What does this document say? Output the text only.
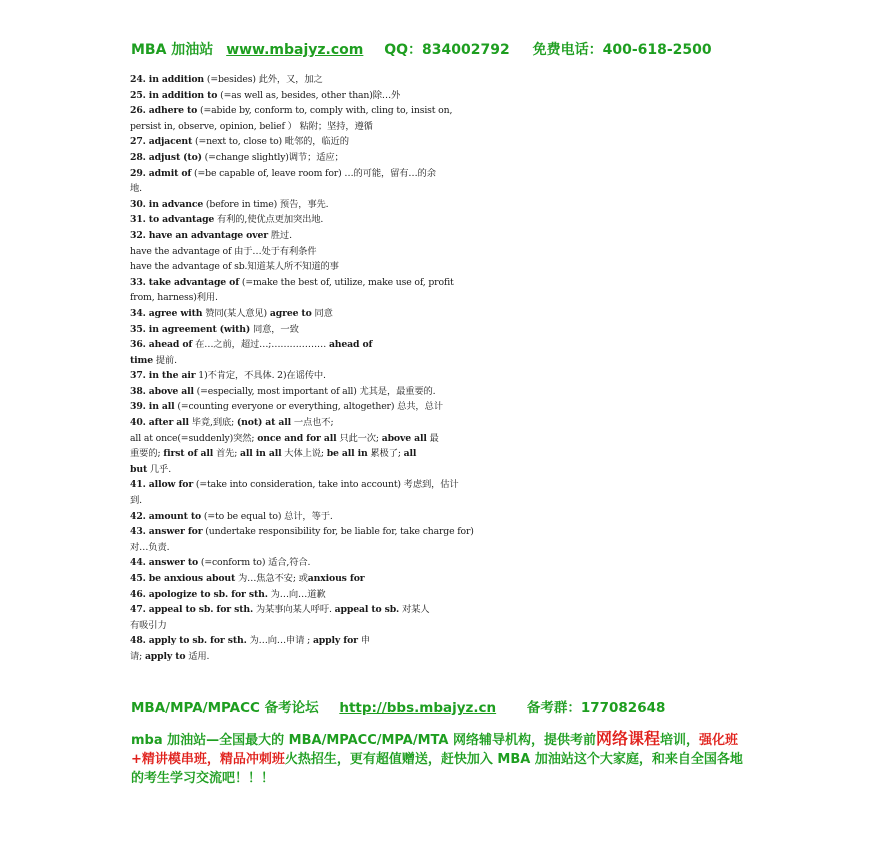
MBA 加油站 www.mbajyz.com QQ：834002792 免费电话：400-618-2500
24. in addition (=besides) 此外，又，加之
25. in addition to (=as well as, besides, other than)除…外
26. adhere to (=abide by, conform to, comply with, cling to, insist on,
persist in, observe, opinion, belief ） 粘附；坚持，遵循
27. adjacent (=next to, close to) 毗邻的，临近的
28. adjust (to) (=change slightly)调节；适应；
29. admit of (=be capable of, leave room for) …的可能，留有…的余
地.
30. in advance (before in time) 预告，事先.
31. to advantage 有利的,使优点更加突出地.
32. have an advantage over 胜过.
have the advantage of 由于…处于有利条件
have the advantage of sb.知道某人所不知道的事
33. take advantage of (=make the best of, utilize, make use of, profit
from, harness)利用.
34. agree with 赞同(某人意见) agree to 同意
35. in agreement (with) 同意，一致
36. ahead of 在…之前，超过…;……………… ahead of
time 提前.
37. in the air 1)不肯定，不具体. 2)在谣传中.
38. above all (=especially, most important of all) 尤其是，最重要的.
39. in all (=counting everyone or everything, altogether) 总共，总计
40. after all 毕竟,到底; (not) at all 一点也不;
all at once(=suddenly)突然; once and for all 只此一次; above all 最
重要的; first of all 首先; all in all 大体上说; be all in 累极了; all
but 几乎.
41. allow for (=take into consideration, take into account) 考虑到，估计
到.
42. amount to (=to be equal to) 总计，等于.
43. answer for (undertake responsibility for, be liable for, take charge for)
对…负责.
44. answer to (=conform to) 适合,符合.
45. be anxious about 为…焦急不安; 或anxious for
46. apologize to sb. for sth. 为…向…道歉
47. appeal to sb. for sth. 为某事向某人呼吁. appeal to sb. 对某人
有吸引力
48. apply to sb. for sth. 为…向…申请 ; apply for 申
请; apply to 适用.
MBA/MPA/MPACC 备考论坛 http://bbs.mbajyz.cn 备考群：177082648
mba 加油站—全国最大的 MBA/MPACC/MPA/MTA 网络辅导机构，提供考前网络课程培训，强化班+精讲模串班，精品冲刺班火热招生，更有超值赠送，赶快加入 MBA 加油站这个大家庭，和来自全国各地的考生学习交流吧！！！
